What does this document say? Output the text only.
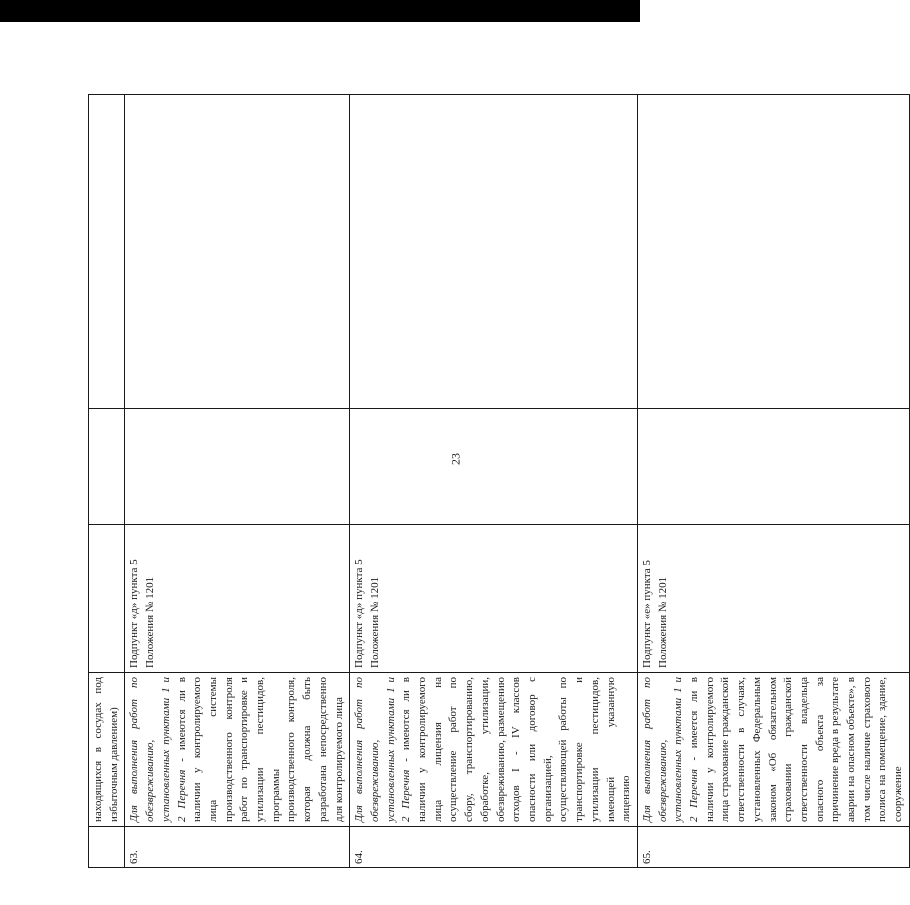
23
	находящихся в сосудах под избыточным давлением)			
63.	Для выполнения работ по обезвреживанию, установленных пунктами 1 и 2 Перечня - имеются ли в наличии у контролируемого лица системы производственного контроля работ по транспортировке и утилизации пестицидов, программы производственного контроля, которая должна быть разработана непосредственно для контролируемого лица	Подпункт «д» пункта 5 Положения № 1201		
64.	Для выполнения работ по обезвреживанию, установленных пунктами 1 и 2 Перечня - имеются ли в наличии у контролируемого лица лицензия на осуществление работ по сбору, транспортированию, обработке, утилизации, обезвреживанию, размещению отходов I - IV классов опасности или договор с организацией, осуществляющей работы по транспортировке и утилизации пестицидов, имеющей указанную лицензию	Подпункт «д» пункта 5 Положения № 1201		
65.	Для выполнения работ по обезвреживанию, установленных пунктами 1 и 2 Перечня - имеется ли в наличии у контролируемого лица страхование гражданской ответственности в случаях, установленных Федеральным законом «Об обязательном страховании гражданской ответственности владельца опасного объекта за причинение вреда в результате аварии на опасном объекте», в том числе наличие страхового полиса на помещение, здание, сооружение	Подпункт «е» пункта 5 Положения № 1201		
